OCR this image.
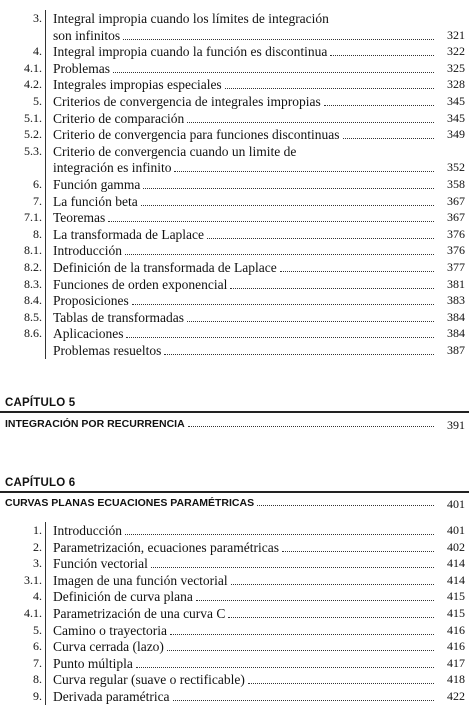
3. Integral impropia cuando los límites de integración
son infinitos	321
4. Integral impropia cuando la función es discontinua	322
4.1. Problemas	325
4.2. Integrales impropias especiales	328
5. Criterios de convergencia de integrales impropias	345
5.1. Criterio de comparación	345
5.2. Criterio de convergencia para funciones discontinuas	349
5.3. Criterio de convergencia cuando un limite de
integración es infinito	352
6. Función gamma	358
7. La función beta	367
7.1. Teoremas	367
8. La transformada de Laplace	376
8.1. Introducción	376
8.2. Definición de la transformada de Laplace	377
8.3. Funciones de orden exponencial	381
8.4. Proposiciones	383
8.5. Tablas de transformadas	384
8.6. Aplicaciones	384
Problemas resueltos	387
CAPÍTULO 5
INTEGRACIÓN POR RECURRENCIA	391
CAPÍTULO 6
CURVAS PLANAS ECUACIONES PARAMÉTRICAS	401
1. Introducción	401
2. Parametrización, ecuaciones paramétricas	402
3. Función vectorial	414
3.1. Imagen de una función vectorial	414
4. Definición de curva plana	415
4.1. Parametrización de una curva C	415
5. Camino o trayectoria	416
6. Curva cerrada (lazo)	416
7. Punto múltipla	417
8. Curva regular (suave o rectificable)	418
9. Derivada paramétrica	422
